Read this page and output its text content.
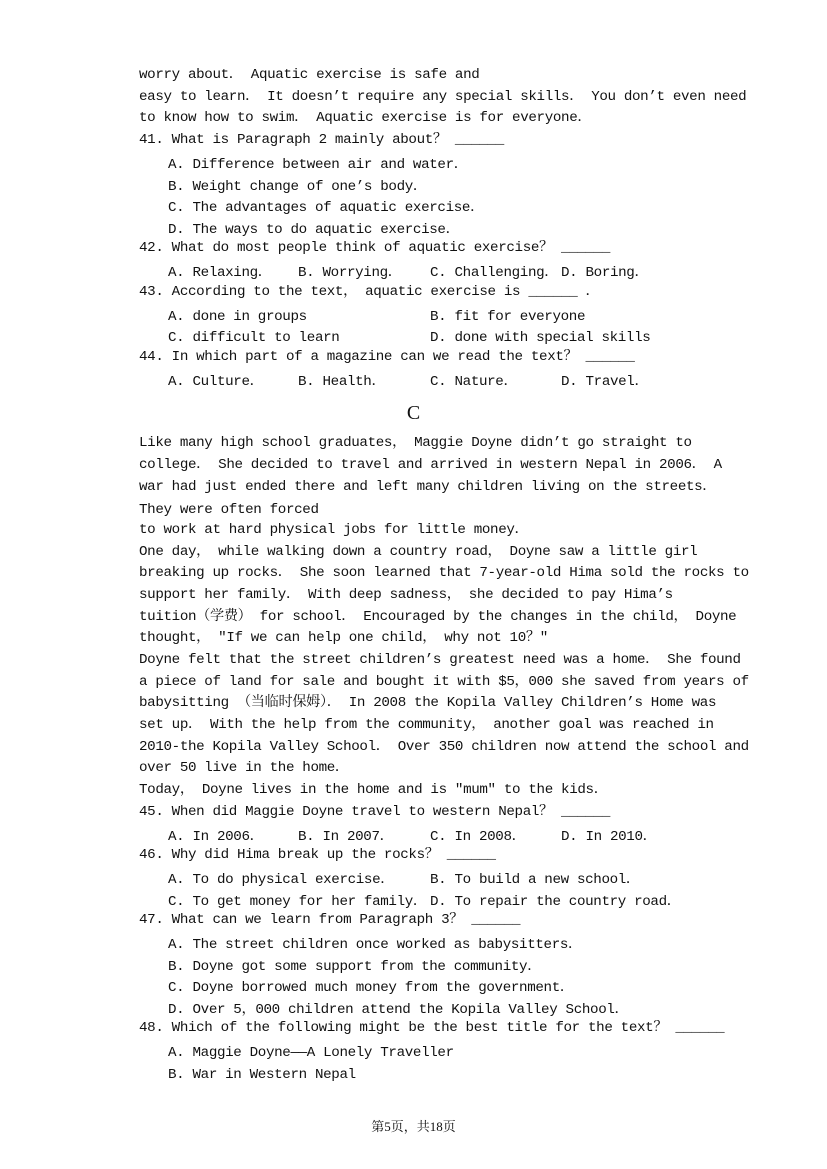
worry about． Aquatic exercise is safe and
easy to learn． It doesn’t require any special skills． You don’t even need
to know how to swim． Aquatic exercise is for everyone．
41. What is Paragraph 2 mainly about？ ______
A. Difference between air and water．
B. Weight change of one’s body．
C. The advantages of aquatic exercise．
D. The ways to do aquatic exercise．
42. What do most people think of aquatic exercise？ ______
A. Relaxing． B. Worrying． C. Challenging． D. Boring．
43. According to the text， aquatic exercise is ______ ．
A. done in groups	B. fit for everyone
C. difficult to learn	D. done with special skills
44. In which part of a magazine can we read the text？ ______
A. Culture． B. Health．	C. Nature．	D. Travel．
C
Like many high school graduates， Maggie Doyne didn’t go straight to
college． She decided to travel and arrived in western Nepal in 2006． A
war had just ended there and left many children living on the streets．
They were often forced
to work at hard physical jobs for little money．
One day， while walking down a country road， Doyne saw a little girl
breaking up rocks． She soon learned that 7-year-old Hima sold the rocks to
support her family． With deep sadness， she decided to pay Hima’s
tuition（学费） for school． Encouraged by the changes in the child， Doyne
thought， "If we can help one child， why not 10？"
Doyne felt that the street children’s greatest need was a home． She found
a piece of land for sale and bought it with $5，000 she saved from years of
babysitting （当临时保姆）． In 2008 the Kopila Valley Children’s Home was
set up． With the help from the community， another goal was reached in
2010-the Kopila Valley School． Over 350 children now attend the school and
over 50 live in the home．
Today， Doyne lives in the home and is "mum" to the kids．
45. When did Maggie Doyne travel to western Nepal？ ______
A. In 2006． B. In 2007．	C. In 2008．	D. In 2010．
46. Why did Hima break up the rocks？ ______
A. To do physical exercise．	B. To build a new school．
C. To get money for her family． D. To repair the country road．
47. What can we learn from Paragraph 3？ ______
A. The street children once worked as babysitters．
B. Doyne got some support from the community．
C. Doyne borrowed much money from the government．
D. Over 5，000 children attend the Kopila Valley School．
48. Which of the following might be the best title for the text？ ______
A. Maggie Doyne——A Lonely Traveller
B. War in Western Nepal
第5页，共18页
